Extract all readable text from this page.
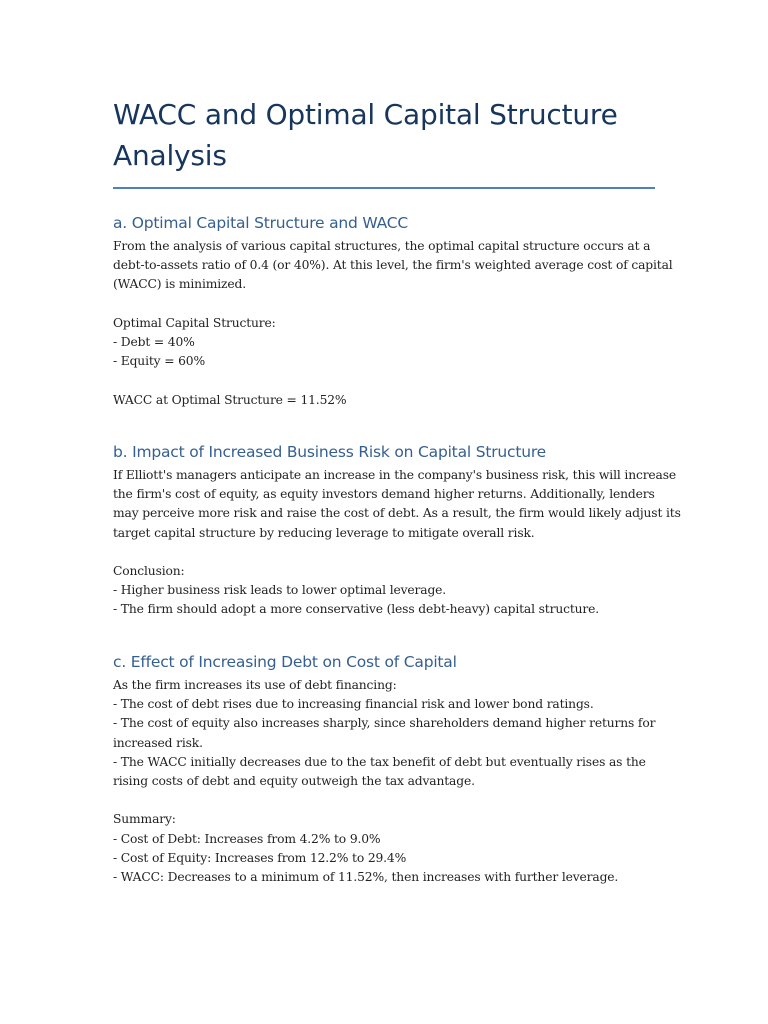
WACC and Optimal Capital Structure
Analysis
a. Optimal Capital Structure and WACC
From the analysis of various capital structures, the optimal capital structure occurs at a
debt-to-assets ratio of 0.4 (or 40%). At this level, the firm's weighted average cost of capital
(WACC) is minimized.
Optimal Capital Structure:
- Debt = 40%
- Equity = 60%
WACC at Optimal Structure = 11.52%
b. Impact of Increased Business Risk on Capital Structure
If Elliott's managers anticipate an increase in the company's business risk, this will increase
the firm's cost of equity, as equity investors demand higher returns. Additionally, lenders
may perceive more risk and raise the cost of debt. As a result, the firm would likely adjust its
target capital structure by reducing leverage to mitigate overall risk.
Conclusion:
- Higher business risk leads to lower optimal leverage.
- The firm should adopt a more conservative (less debt-heavy) capital structure.
c. Effect of Increasing Debt on Cost of Capital
As the firm increases its use of debt financing:
- The cost of debt rises due to increasing financial risk and lower bond ratings.
- The cost of equity also increases sharply, since shareholders demand higher returns for
increased risk.
- The WACC initially decreases due to the tax benefit of debt but eventually rises as the
rising costs of debt and equity outweigh the tax advantage.
Summary:
- Cost of Debt: Increases from 4.2% to 9.0%
- Cost of Equity: Increases from 12.2% to 29.4%
- WACC: Decreases to a minimum of 11.52%, then increases with further leverage.
